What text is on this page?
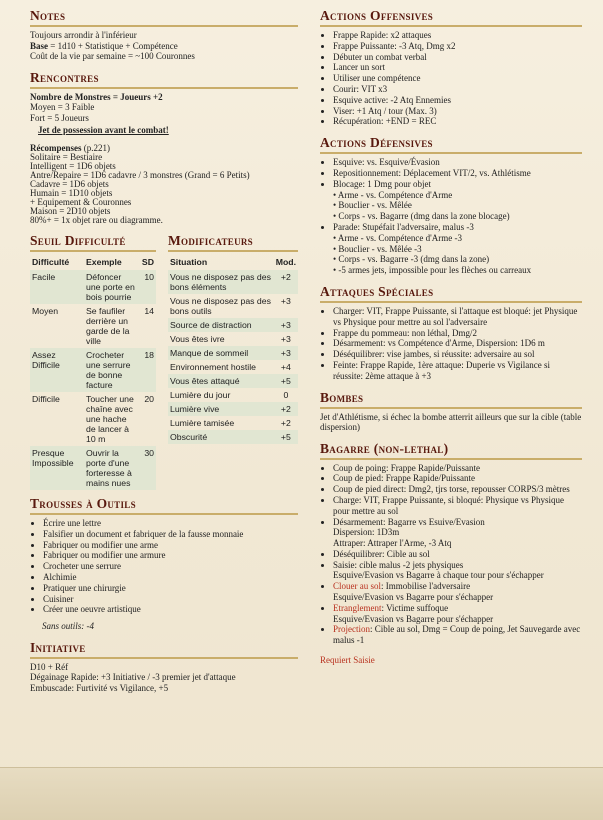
Notes

Toujours arrondir à l'inférieur

Base = 1d10 + Statistique + Compétence

Coût de la vie par semaine = ~100 Couronnes

Rencontres

Nombre de Monstres = Joueurs +2

Moyen = 3 Faible

Fort = 5 Joueurs

Jet de possession avant le combat!

Récompenses (p.221)

Solitaire = Bestiaire

Intelligent = 1D6 objets

Antre/Repaire = 1D6 cadavre / 3 monstres (Grand = 6 Petits)

Cadavre = 1D6 objets

Humain = 1D10 objets

+ Equipement & Couronnes

Maison = 2D10 objets

80%+ = 1x objet rare ou diagramme.

Seuil Difficulté
Difficulté	Exemple	SD
Facile	Défoncer une porte en bois pourrie	10
Moyen	Se faufiler derrière un garde de la ville	14
Assez Difficile	Crocheter une serrure de bonne facture	18
Difficile	Toucher une chaîne avec une hache de lancer à 10 m	20
Presque Impossible	Ouvrir la porte d'une forteresse à mains nues	30
Modificateurs
Situation	Mod.
Vous ne disposez pas des bons éléments	+2
Vous ne disposez pas des bons outils	+3
Source de distraction	+3
Vous êtes ivre	+3
Manque de sommeil	+3
Environnement hostile	+4
Vous êtes attaqué	+5
Lumière du jour	0
Lumière vive	+2
Lumière tamisée	+2
Obscurité	+5
Trousses à Outils
• Écrire une lettre
• Falsifier un document et fabriquer de la fausse monnaie
• Fabriquer ou modifier une arme
• Fabriquer ou modifier une armure
• Crocheter une serrure
• Alchimie
• Pratiquer une chirurgie
• Cuisiner
• Créer une oeuvre artistique

Sans outils: -4

Initiative

D10 + Réf

Dégainage Rapide: +3 Initiative / -3 premier jet d'attaque

Embuscade: Furtivité vs Vigilance, +5

Actions Offensives
• Frappe Rapide: x2 attaques
• Frappe Puissante: -3 Atq, Dmg x2
• Débuter un combat verbal
• Lancer un sort
• Utiliser une compétence
• Courir: VIT x3
• Esquive active: -2 Atq Ennemies
• Viser: +1 Atq / tour (Max. 3)
• Récupération: +END = REC
Actions Défensives
• Esquive: vs. Esquive/Évasion
• Repositionnement: Déplacement VIT/2, vs. Athlétisme
• Blocage: 1 Dmg pour objet
• Arme - vs. Compétence d'Arme
• Bouclier - vs. Mêlée
• Corps - vs. Bagarre (dmg dans la zone blocage)
• Parade: Stupéfait l'adversaire, malus -3
• Arme - vs. Compétence d'Arme -3
• Bouclier - vs. Mêlée -3
• Corps - vs. Bagarre -3 (dmg dans la zone)
• -5 armes jets, impossible pour les flèches ou carreaux
Attaques Spéciales
• Charger: VIT, Frappe Puissante, si l'attaque est bloqué: jet Physique vs Physique pour mettre au sol l'adversaire
• Frappe du pommeau: non léthal, Dmg/2
• Désarmement: vs Compétence d'Arme, Dispersion: 1D6 m
• Déséquilibrer: vise jambes, si réussite: adversaire au sol
• Feinte: Frappe Rapide, 1ère attaque: Duperie vs Vigilance si réussite: 2ème attaque à +3
Bombes

Jet d'Athlétisme, si échec la bombe atterrit ailleurs que sur la cible (table dispersion)

Bagarre (non-lethal)
• Coup de poing: Frappe Rapide/Puissante
• Coup de pied: Frappe Rapide/Puissante
• Coup de pied direct: Dmg2, tjrs torse, repousser CORPS/3 mètres
• Charge: VIT, Frappe Puissante, si bloqué: Physique vs Physique pour mettre au sol
• Désarmement: Bagarre vs Esuive/Evasion
Dispersion: 1D3m
Attraper: Attraper l'Arme, -3 Atq
• Déséquilibrer: Cible au sol
• Saisie: cible malus -2 jets physiques
Esquive/Evasion vs Bagarre à chaque tour pour s'échapper
• Clouer au sol: Immobilise l'adversaire
Esquive/Evasion vs Bagarre pour s'échapper
• Etranglement: Victime suffoque
Esquive/Evasion vs Bagarre pour s'échapper
• Projection: Cible au sol, Dmg = Coup de poing, Jet Sauvegarde avec malus -1

Requiert Saisie
